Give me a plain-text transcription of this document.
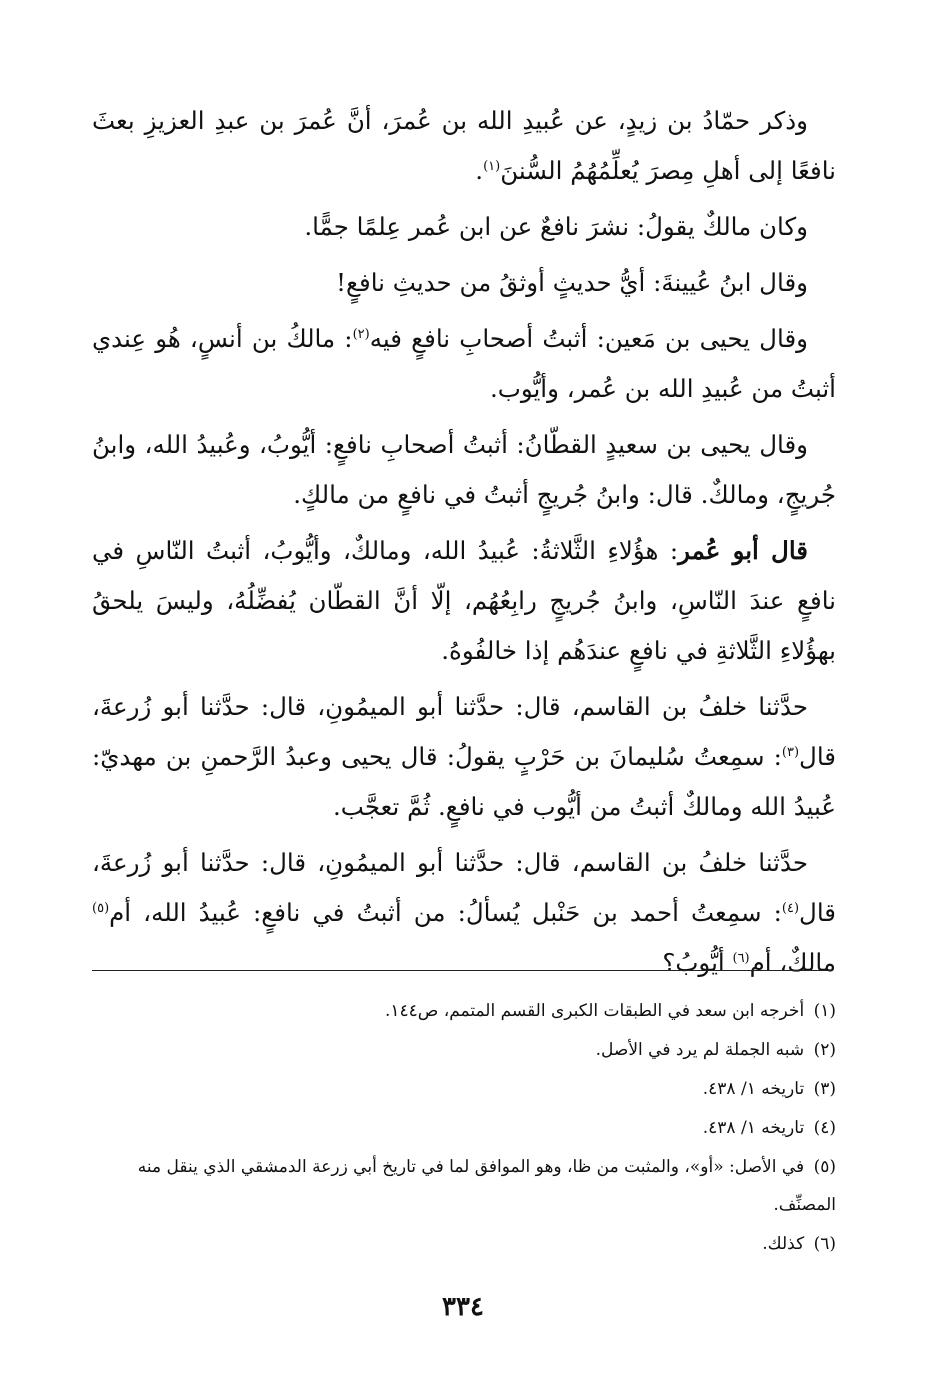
وذكر حمّادُ بن زيدٍ، عن عُبيدِ الله بن عُمرَ، أنَّ عُمرَ بن عبدِ العزيزِ بعثَ نافعًا إلى أهلِ مِصرَ يُعلِّمُهُمُ السُّننَ$^{(١)}$.

وكان مالكٌ يقولُ: نشرَ نافعٌ عن ابن عُمر عِلمًا جمًّا.

وقال ابنُ عُيينةَ: أيُّ حديثٍ أوثقُ من حديثِ نافعٍ!

وقال يحيى بن مَعين: أثبتُ أصحابِ نافعٍ فيه$^{(٢)}$: مالكُ بن أنسٍ، هُو عِندي أثبتُ من عُبيدِ الله بن عُمر، وأيُّوب.

وقال يحيى بن سعيدٍ القطّانُ: أثبتُ أصحابِ نافعٍ: أيُّوبُ، وعُبيدُ الله، وابنُ جُريجٍ، ومالكٌ. قال: وابنُ جُريجٍ أثبتُ في نافعٍ من مالكٍ.

قال أبو عُمر: هؤُلاءِ الثَّلاثةُ: عُبيدُ الله، ومالكٌ، وأيُّوبُ، أثبتُ النّاسِ في نافعٍ عندَ النّاسِ، وابنُ جُريجٍ رابِعُهُم، إلّا أنَّ القطّان يُفضِّلُهُ، وليسَ يلحقُ بهؤُلاءِ الثَّلاثةِ في نافعٍ عندَهُم إذا خالفُوهُ.

حدَّثنا خلفُ بن القاسم، قال: حدَّثنا أبو الميمُونِ، قال: حدَّثنا أبو زُرعةَ، قال$^{(٣)}$: سمِعتُ سُليمانَ بن حَرْبٍ يقولُ: قال يحيى وعبدُ الرَّحمنِ بن مهديّ: عُبيدُ الله ومالكٌ أثبتُ من أيُّوب في نافعٍ. ثُمَّ تعجَّب.

حدَّثنا خلفُ بن القاسم، قال: حدَّثنا أبو الميمُونِ، قال: حدَّثنا أبو زُرعةَ، قال$^{(٤)}$: سمِعتُ أحمد بن حَنْبل يُسألُ: من أثبتُ في نافعٍ: عُبيدُ الله، أم$^{(٥)}$ مالكٌ، أم$^{(٦)}$ أيُّوبُ؟

(١) أخرجه ابن سعد في الطبقات الكبرى القسم المتمم، ص١٤٤.

(٢) شبه الجملة لم يرد في الأصل.

(٣) تاريخه ١/ ٤٣٨.

(٤) تاريخه ١/ ٤٣٨.

(٥) في الأصل: «أو»، والمثبت من ظا، وهو الموافق لما في تاريخ أبي زرعة الدمشقي الذي ينقل منه المصنِّف.

(٦) كذلك.

٣٣٤
